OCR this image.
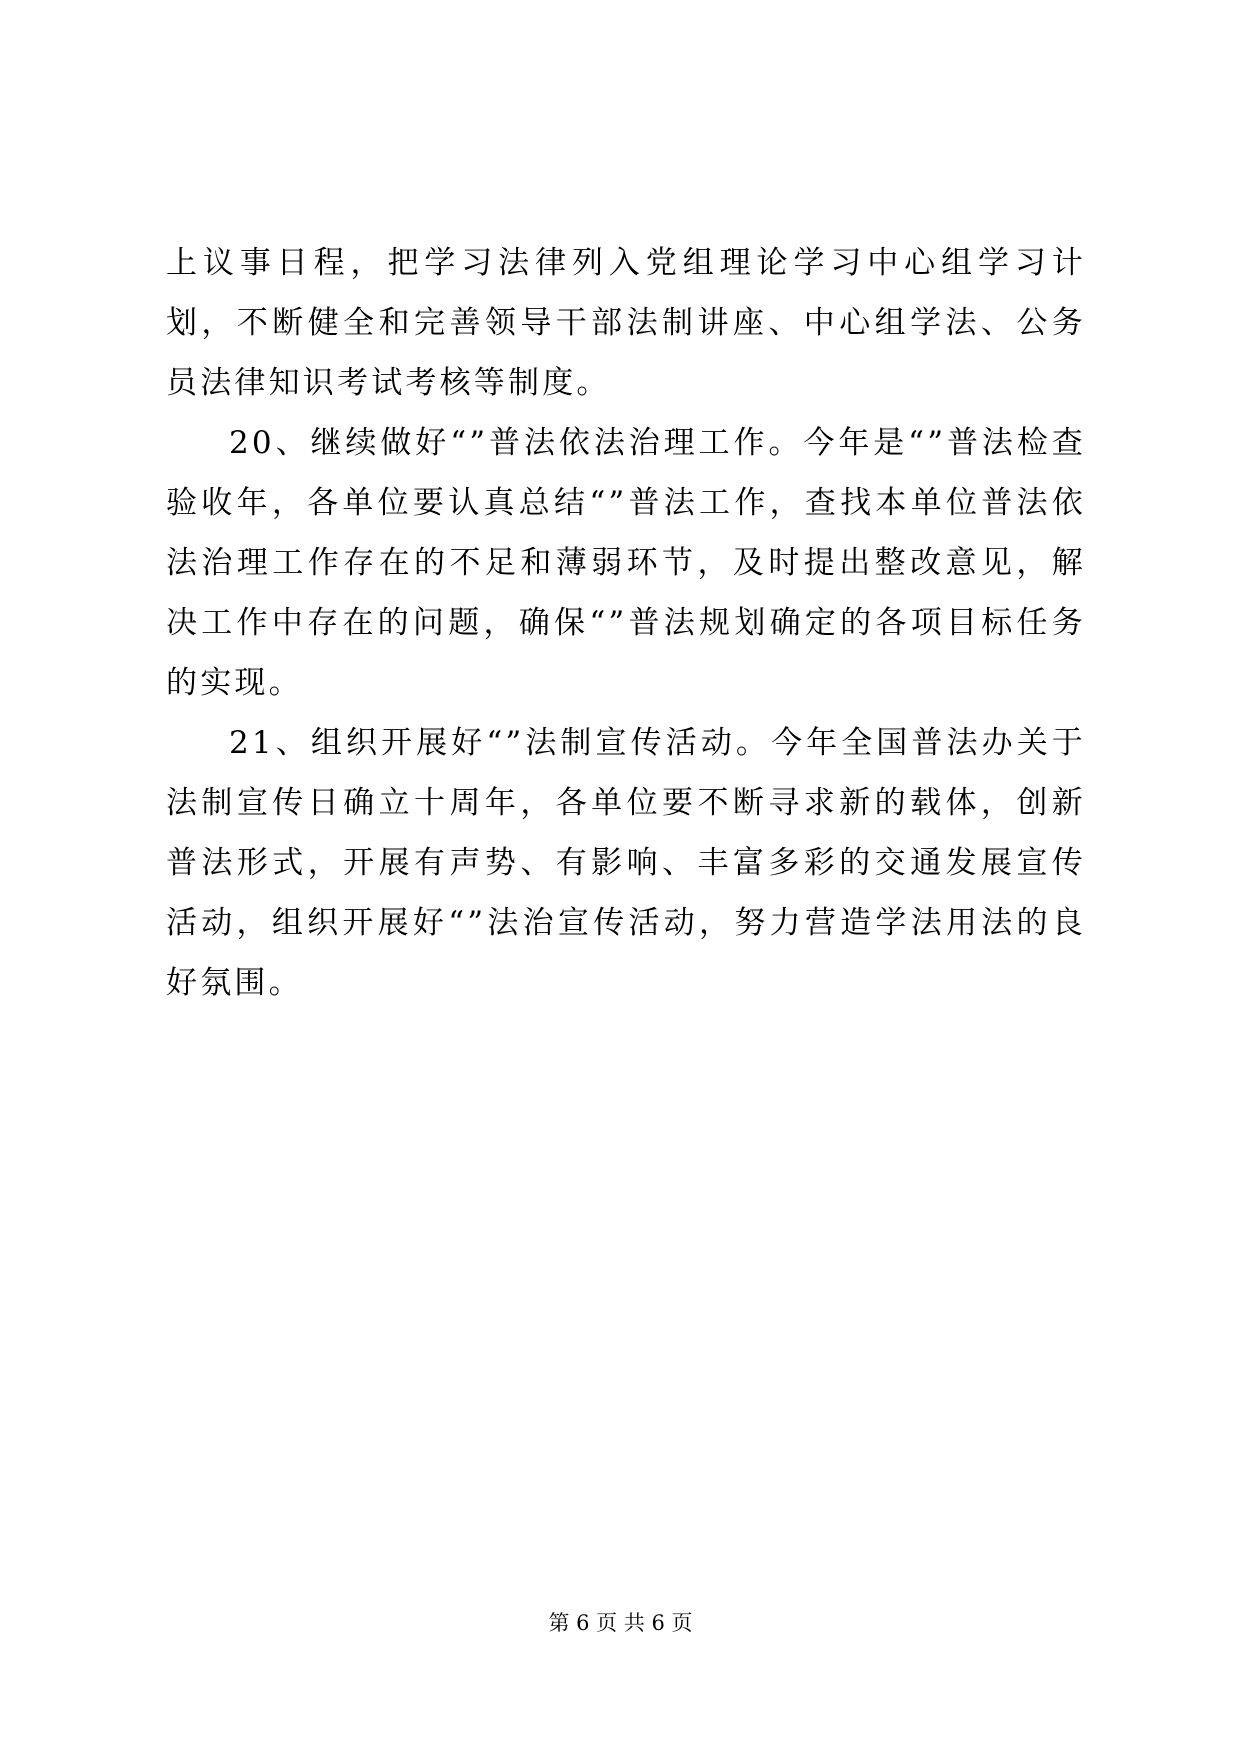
上议事日程，把学习法律列入党组理论学习中心组学习计划，不断健全和完善领导干部法制讲座、中心组学法、公务员法律知识考试考核等制度。

20、继续做好“”普法依法治理工作。今年是“”普法检查验收年，各单位要认真总结“”普法工作，查找本单位普法依法治理工作存在的不足和薄弱环节，及时提出整改意见，解决工作中存在的问题，确保“”普法规划确定的各项目标任务的实现。

21、组织开展好“”法制宣传活动。今年全国普法办关于法制宣传日确立十周年，各单位要不断寻求新的载体，创新普法形式，开展有声势、有影响、丰富多彩的交通发展宣传活动，组织开展好“”法治宣传活动，努力营造学法用法的良好氛围。

第 6 页 共 6 页
